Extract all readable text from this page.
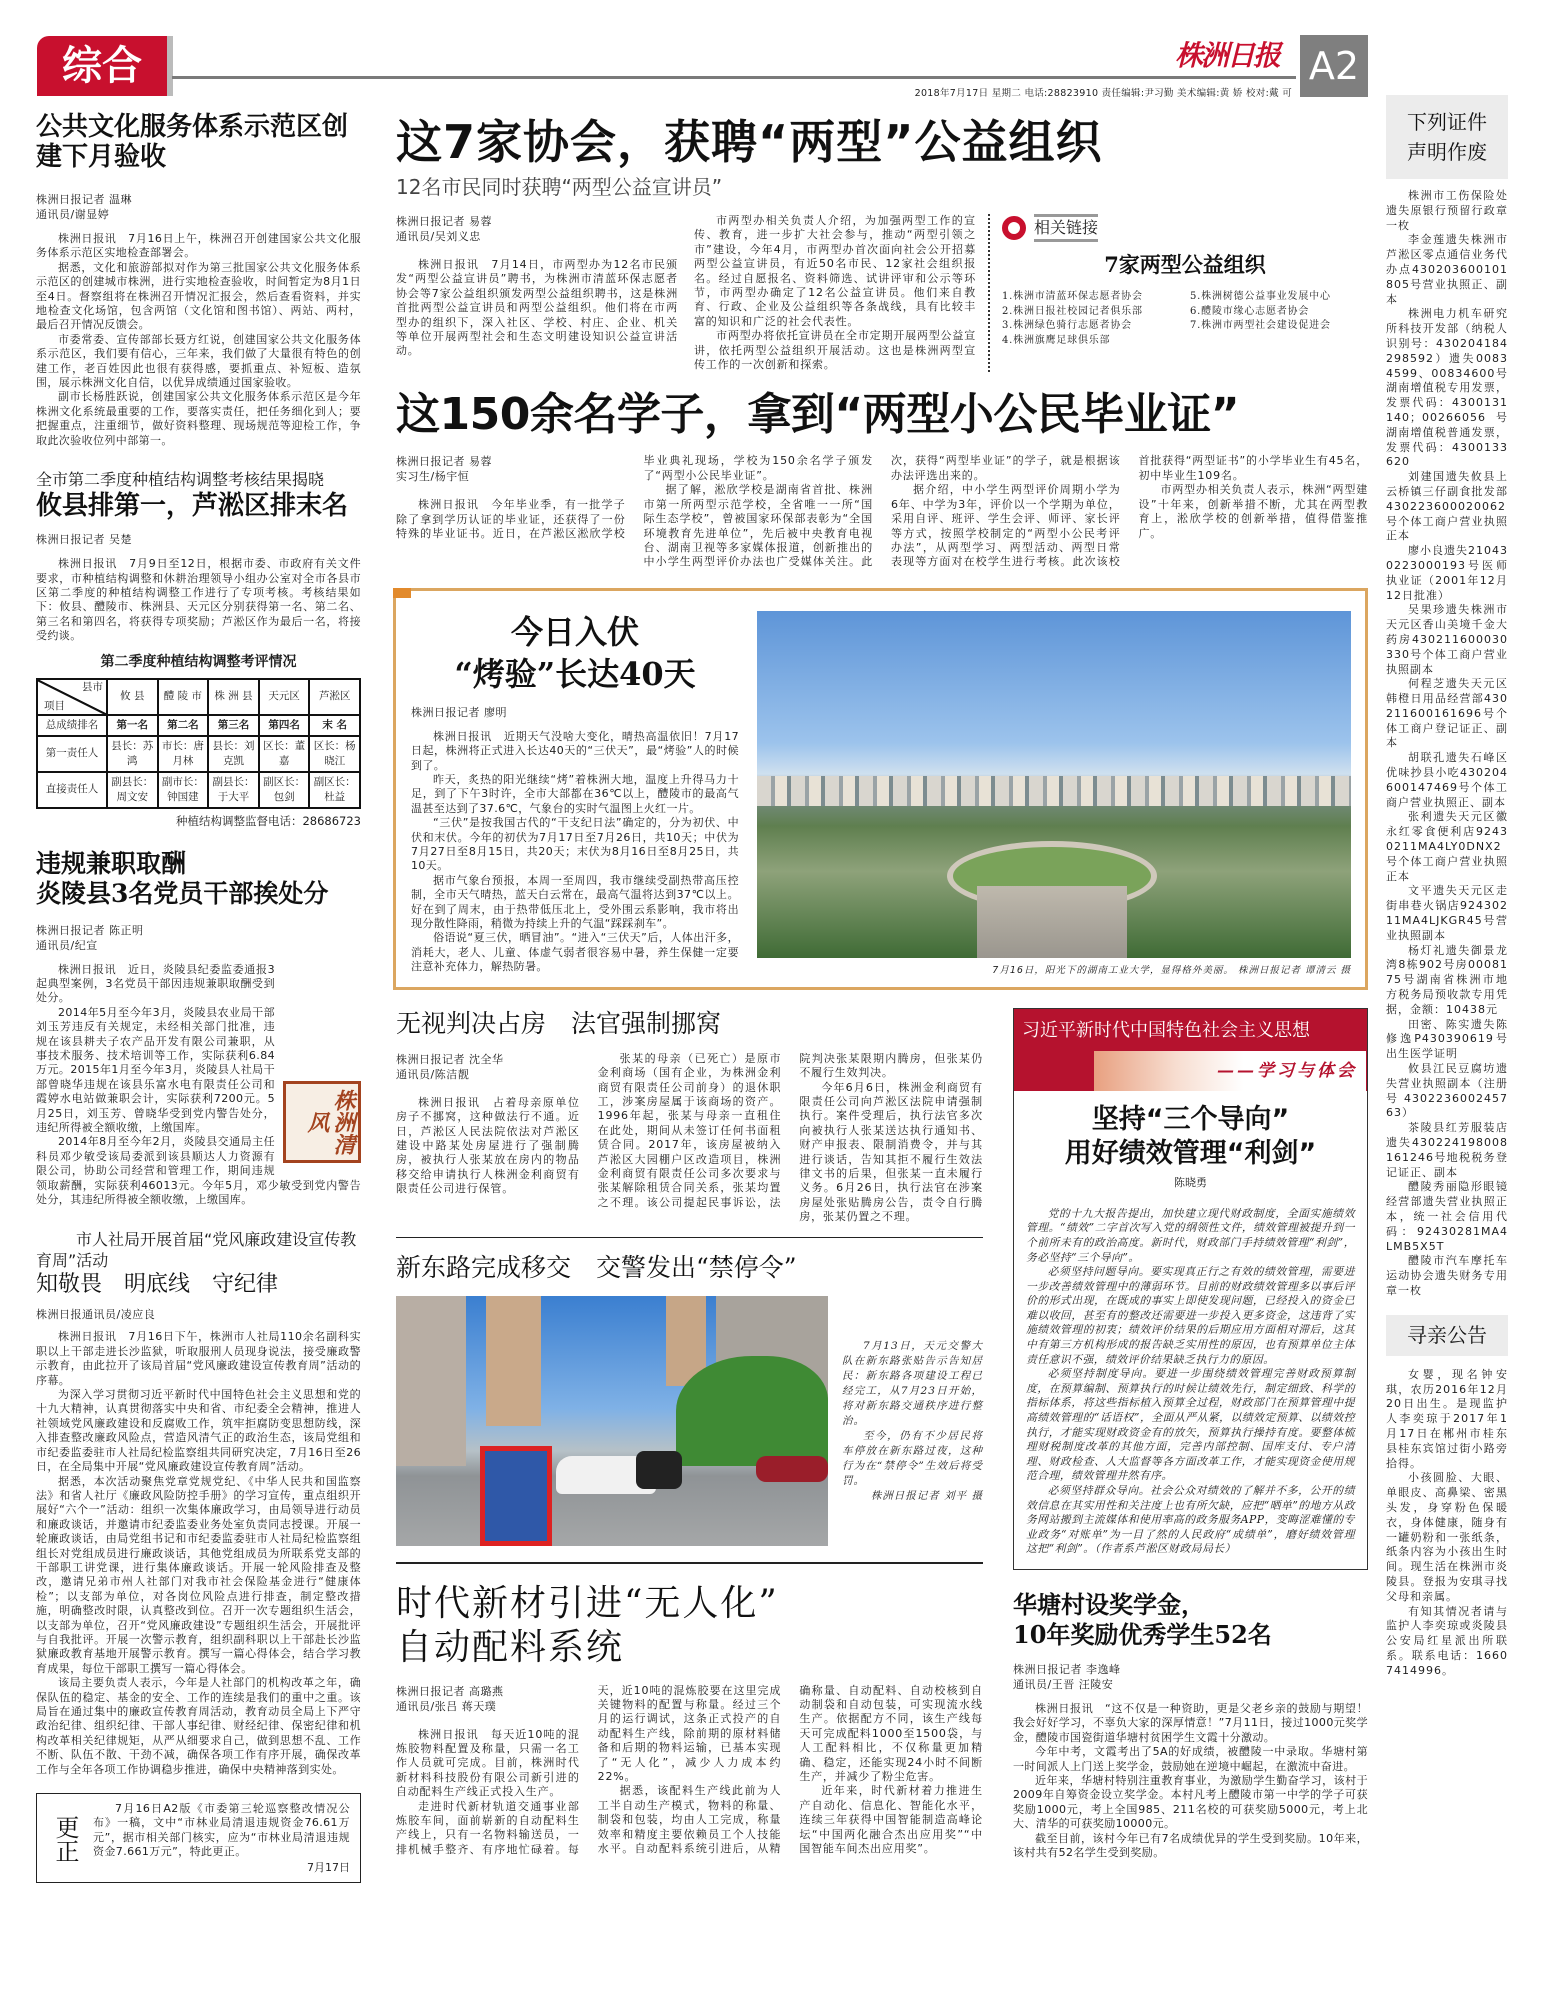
综合	株洲日报 A2
2018年7月17日 星期二 电话:28823910 责任编辑:尹习勤 美术编辑:黄 娇 校对:戴 可
公共文化服务体系示范区创建下月验收
株洲日报记者 温琳
通讯员/谢显婷

株洲日报讯　7月16日上午，株洲召开创建国家公共文化服务体系示范区实地检查部署会。

据悉，文化和旅游部拟对作为第三批国家公共文化服务体系示范区的创建城市株洲，进行实地检查验收，时间暂定为8月1日至4日。督察组将在株洲召开情况汇报会，然后查看资料，并实地检查文化场馆，包含两馆（文化馆和图书馆）、两站、两村，最后召开情况反馈会。

市委常委、宣传部部长聂方红说，创建国家公共文化服务体系示范区，我们要有信心，三年来，我们做了大量很有特色的创建工作，老百姓因此也很有获得感，要抓重点、补短板、造氛围，展示株洲文化自信，以优异成绩通过国家验收。

副市长杨胜跃说，创建国家公共文化服务体系示范区是今年株洲文化系统最重要的工作，要落实责任，把任务细化到人；要把握重点，注重细节，做好资料整理、现场规范等迎检工作，争取此次验收位列中部第一。

全市第二季度种植结构调整考核结果揭晓
攸县排第一，芦淞区排末名
株洲日报记者 吴楚

株洲日报讯　7月9日至12日，根据市委、市政府有关文件要求，市种植结构调整和休耕治理领导小组办公室对全市各县市区第二季度的种植结构调整工作进行了专项考核。考核结果如下：攸县、醴陵市、株洲县、天元区分别获得第一名、第二名、第三名和第四名，将获得专项奖励；芦淞区作为最后一名，将接受约谈。

第二季度种植结构调整考评情况
县市
项目	攸 县	醴 陵 市	株 洲 县	天元区	芦淞区
总成绩排名	第一名	第二名	第三名	第四名	末 名
第一责任人	县长：苏鸿	市长：唐月林	县长：刘克凯	区长：董嘉	区长：杨晓江
直接责任人	副县长：周文安	副市长：钟国建	副县长：于大平	副区长：包剑	副区长：杜益
种植结构调整监督电话：28686723
违规兼职取酬
炎陵县3名党员干部挨处分
株洲日报记者 陈正明
通讯员/纪宣
株洲清风

株洲日报讯　近日，炎陵县纪委监委通报3起典型案例，3名党员干部因违规兼职取酬受到处分。

2014年5月至今年3月，炎陵县农业局干部刘玉芳违反有关规定，未经相关部门批准，违规在该县耕夫子农产品开发有限公司兼职，从事技术服务、技术培训等工作，实际获利6.84万元。2015年1月至今年3月，炎陵县人社局干部曾晓华违规在该县乐富水电有限责任公司和霞婷水电站做兼职会计，实际获利7200元。5月25日，刘玉芳、曾晓华受到党内警告处分，违纪所得被全额收缴，上缴国库。

2014年8月至今年2月，炎陵县交通局主任科员邓少敏受该局委派到该县顺达人力资源有限公司，协助公司经营和管理工作，期间违规领取薪酬，实际获利46013元。今年5月，邓少敏受到党内警告处分，其违纪所得被全额收缴，上缴国库。

市人社局开展首届“党风廉政建设宣传教育周”活动
知敬畏　明底线　守纪律
株洲日报通讯员/凌应良

株洲日报讯　7月16日下午，株洲市人社局110余名副科实职以上干部走进长沙监狱，听取服刑人员现身说法，接受廉政警示教育，由此拉开了该局首届“党风廉政建设宣传教育周”活动的序幕。

为深入学习贯彻习近平新时代中国特色社会主义思想和党的十九大精神，认真贯彻落实中央和省、市纪委全会精神，推进人社领域党风廉政建设和反腐败工作，筑牢拒腐防变思想防线，深入排查整改廉政风险点，营造风清气正的政治生态，该局党组和市纪委监委驻市人社局纪检监察组共同研究决定，7月16日至26日，在全局集中开展“党风廉政建设宣传教育周”活动。

据悉，本次活动聚焦党章党规党纪、《中华人民共和国监察法》和省人社厅《廉政风险防控手册》的学习宣传，重点组织开展好“六个一”活动：组织一次集体廉政学习，由局领导进行动员和廉政谈话，并邀请市纪委监委业务处室负责同志授课。开展一轮廉政谈话，由局党组书记和市纪委监委驻市人社局纪检监察组组长对党组成员进行廉政谈话，其他党组成员为所联系党支部的干部职工讲党课，进行集体廉政谈话。开展一轮风险排查及整改，邀请兄弟市州人社部门对我市社会保险基金进行“健康体检”；以支部为单位，对各岗位风险点进行排查，制定整改措施，明确整改时限，认真整改到位。召开一次专题组织生活会，以支部为单位，召开“党风廉政建设”专题组织生活会，开展批评与自我批评。开展一次警示教育，组织副科职以上干部赴长沙监狱廉政教育基地开展警示教育。撰写一篇心得体会，结合学习教育成果，每位干部职工撰写一篇心得体会。

该局主要负责人表示，今年是人社部门的机构改革之年，确保队伍的稳定、基金的安全、工作的连续是我们的重中之重。该局旨在通过集中的廉政宣传教育周活动，教育动员全局上下严守政治纪律、组织纪律、干部人事纪律、财经纪律、保密纪律和机构改革相关纪律规矩，从严从细要求自己，做到思想不乱、工作不断、队伍不散、干劲不减，确保各项工作有序开展，确保改革工作与全年各项工作协调稳步推进，确保中央精神落到实处。

更正
7月16日A2版《市委第三轮巡察整改情况公布》一稿，文中“市林业局清退违规资金76.61万元”，据市相关部门核实，应为“市林业局清退违规资金7.661万元”，特此更正。
7月17日
这7家协会，获聘“两型”公益组织
12名市民同时获聘“两型公益宣讲员”
株洲日报记者 易蓉
通讯员/吴刘义忠

株洲日报讯　7月14日，市两型办为12名市民颁发“两型公益宣讲员”聘书，为株洲市清蓝环保志愿者协会等7家公益组织颁发两型公益组织聘书，这是株洲首批两型公益宣讲员和两型公益组织。他们将在市两型办的组织下，深入社区、学校、村庄、企业、机关等单位开展两型社会和生态文明建设知识公益宣讲活动。

市两型办相关负责人介绍，为加强两型工作的宣传、教育，进一步扩大社会参与，推动“两型引领之市”建设，今年4月，市两型办首次面向社会公开招募两型公益宣讲员，有近50名市民、12家社会组织报名。经过自愿报名、资料筛选、试讲评审和公示等环节，市两型办确定了12名公益宣讲员。他们来自教育、行政、企业及公益组织等各条战线，具有比较丰富的知识和广泛的社会代表性。

市两型办将依托宣讲员在全市定期开展两型公益宣讲，依托两型公益组织开展活动。这也是株洲两型宣传工作的一次创新和探索。

相关链接
7家两型公益组织
1.株洲市清蓝环保志愿者协会
2.株洲日报社校园记者俱乐部
3.株洲绿色骑行志愿者协会
4.株洲旗鹰足球俱乐部
5.株洲树德公益事业发展中心
6.醴陵市缘心志愿者协会
7.株洲市两型社会建设促进会
这150余名学子，拿到“两型小公民毕业证”
株洲日报记者 易蓉
实习生/杨宇恒

株洲日报讯　今年毕业季，有一批学子除了拿到学历认证的毕业证，还获得了一份特殊的毕业证书。近日，在芦淞区淞欣学校毕业典礼现场，学校为150余名学子颁发了“两型小公民毕业证”。

据了解，淞欣学校是湖南省首批、株洲市第一所两型示范学校，全省唯一一所“国际生态学校”，曾被国家环保部表彰为“全国环境教育先进单位”，先后被中央教育电视台、湖南卫视等多家媒体报道，创新推出的中小学生两型评价办法也广受媒体关注。此次，获得“两型毕业证”的学子，就是根据该办法评选出来的。

据介绍，中小学生两型评价周期小学为6年、中学为3年，评价以一个学期为单位，采用自评、班评、学生会评、师评、家长评等方式，按照学校制定的“两型小公民考评办法”，从两型学习、两型活动、两型日常表现等方面对在校学生进行考核。此次该校首批获得“两型证书”的小学毕业生有45名，初中毕业生109名。

市两型办相关负责人表示，株洲“两型建设”十年来，创新举措不断，尤其在两型教育上，淞欣学校的创新举措，值得借鉴推广。

今日入伏
“烤验”长达40天
株洲日报记者 廖明

株洲日报讯　近期天气没啥大变化，晴热高温依旧！7月17日起，株洲将正式进入长达40天的“三伏天”，最“烤验”人的时候到了。

昨天，炙热的阳光继续“烤”着株洲大地，温度上升得马力十足，到了下午3时许，全市大部都在36℃以上，醴陵市的最高气温甚至达到了37.6℃，气象台的实时气温图上火红一片。

“三伏”是按我国古代的“干支纪日法”确定的，分为初伏、中伏和末伏。今年的初伏为7月17日至7月26日，共10天；中伏为7月27日至8月15日，共20天；末伏为8月16日至8月25日，共10天。

据市气象台预报，本周一至周四，我市继续受副热带高压控制，全市天气晴热，蓝天白云常在，最高气温将达到37℃以上。好在到了周末，由于热带低压北上，受外围云系影响，我市将出现分散性降雨，稍微为持续上升的气温“踩踩刹车”。

俗语说“夏三伏，晒冒油”。“进入“三伏天”后，人体出汗多，消耗大，老人、儿童、体虚气弱者很容易中暑，养生保健一定要注意补充体力，解热防暑。	7月16日，阳光下的湖南工业大学，显得格外美丽。 株洲日报记者 谭清云 摄
无视判决占房　法官强制挪窝
株洲日报记者 沈全华
通讯员/陈洁靓

株洲日报讯　占着母亲原单位房子不挪窝，这种做法行不通。近日，芦淞区人民法院依法对芦淞区建设中路某处房屋进行了强制腾房，被执行人张某放在房内的物品移交给申请执行人株洲金利商贸有限责任公司进行保管。

张某的母亲（已死亡）是原市金利商场（国有企业，为株洲金利商贸有限责任公司前身）的退休职工，涉案房屋属于该商场的资产。1996年起，张某与母亲一直租住在此处，期间从未签订任何书面租赁合同。2017年，该房屋被纳入芦淞区大园棚户区改造项目，株洲金利商贸有限责任公司多次要求与张某解除租赁合同关系，张某均置之不理。该公司提起民事诉讼，法院判决张某限期内腾房，但张某仍不履行生效判决。

今年6月6日，株洲金利商贸有限责任公司向芦淞区法院申请强制执行。案件受理后，执行法官多次向被执行人张某送达执行通知书、财产申报表、限制消费令，并与其进行谈话，告知其拒不履行生效法律文书的后果，但张某一直未履行义务。6月26日，执行法官在涉案房屋处张贴腾房公告，责令自行腾房，张某仍置之不理。

新东路完成移交　交警发出“禁停令”
7月13日，天元交警大队在新东路张贴告示告知居民：新东路各项建设工程已经完工，从7月23日开始，将对新东路交通秩序进行整治。
至今，仍有不少居民将车停放在新东路过夜，这种行为在“禁停令”生效后将受罚。
株洲日报记者 刘平 摄
时代新材引进“无人化”
自动配料系统
株洲日报记者 高璐燕
通讯员/张吕 蒋天璞

株洲日报讯　每天近10吨的混炼胶物料配置及称量，只需一名工作人员就可完成。目前，株洲时代新材料科技股份有限公司新引进的自动配料生产线正式投入生产。

走进时代新材轨道交通事业部炼胶车间，面前崭新的自动配料生产线上，只有一名物料输送员，一排机械手整齐、有序地忙碌着。每天，近10吨的混炼胶要在这里完成关键物料的配置与称量。经过三个月的运行调试，这条正式投产的自动配料生产线，除前期的原材料储备和后期的物料运输，已基本实现了“无人化”，减少人力成本约22%。

据悉，该配料生产线此前为人工半自动生产模式，物料的称量、制袋和包装，均由人工完成，称量效率和精度主要依赖员工个人技能水平。自动配料系统引进后，从精确称量、自动配料、自动校核到自动制袋和自动包装，可实现流水线生产。依据配方不同，该生产线每天可完成配料1000至1500袋，与人工配料相比，不仅称量更加精确、稳定，还能实现24小时不间断生产，并减少了粉尘危害。

近年来，时代新材着力推进生产自动化、信息化、智能化水平，连续三年获得中国智能制造高峰论坛“中国两化融合杰出应用奖”“中国智能车间杰出应用奖”。

习近平新时代中国特色社会主义思想
——学习与体会
坚持“三个导向”
用好绩效管理“利剑”
陈晓勇

党的十九大报告提出，加快建立现代财政制度，全面实施绩效管理。“绩效”二字首次写入党的纲领性文件，绩效管理被提升到一个前所未有的政治高度。新时代，财政部门手持绩效管理“利剑”，务必坚持“三个导向”。

必须坚持问题导向。要实现真正行之有效的绩效管理，需要进一步改善绩效管理中的薄弱环节。目前的财政绩效管理多以事后评价的形式出现，在既成的事实上即使发现问题，已经投入的资金已难以收回，甚至有的整改还需要进一步投入更多资金，这违背了实施绩效管理的初衷；绩效评价结果的后期应用方面相对滞后，这其中有第三方机构形成的报告缺乏实用性的原因，也有预算单位主体责任意识不强，绩效评价结果缺乏执行力的原因。

必须坚持制度导向。要进一步围绕绩效管理完善财政预算制度，在预算编制、预算执行的时候让绩效先行，制定细致、科学的指标体系，将这些指标植入预算全过程，财政部门在预算管理中提高绩效管理的“话语权”，全面从严从紧，以绩效定预算、以绩效控执行，才能实现财政资金有的放矢，预算执行操持有度。要整体梳理财税制度改革的其他方面，完善内部控制、国库支付、专户清理、财政检查、人大监督等各方面改革工作，才能实现资金使用规范合理，绩效管理井然有序。

必须坚持群众导向。社会公众对绩效的了解并不多，公开的绩效信息在其实用性和关注度上也有所欠缺，应把“晒单”的地方从政务网站搬到主流媒体和使用率高的政务服务APP，变晦涩难懂的专业政务“对账单”为一目了然的人民政府“成绩单”，磨好绩效管理这把“利剑”。（作者系芦淞区财政局局长）

华塘村设奖学金，
10年奖励优秀学生52名
株洲日报记者 李逸峰
通讯员/王晋 汪陵安

株洲日报讯　“这不仅是一种资助，更是父老乡亲的鼓励与期望！我会好好学习，不辜负大家的深厚情意！”7月11日，接过1000元奖学金，醴陵市国瓷街道华塘村贫困学生文霞十分激动。

今年中考，文霞考出了5A的好成绩，被醴陵一中录取。华塘村第一时间派人上门送上奖学金，鼓励她在逆境中崛起，在激流中奋进。

近年来，华塘村特别注重教育事业，为激励学生勤奋学习，该村于2009年自筹资金设立奖学金。本村凡考上醴陵市第一中学的学子可获奖励1000元，考上全国985、211名校的可获奖励5000元，考上北大、清华的可获奖励10000元。

截至目前，该村今年已有7名成绩优异的学生受到奖励。10年来，该村共有52名学生受到奖励。

下列证件声明作废

株洲市工伤保险处遗失原银行预留行政章一枚

李金莲遗失株洲市芦淞区零点通信业务代办点430203600101805号营业执照正、副本

株洲电力机车研究所科技开发部（纳税人识别号：430204184298592）遗失00834599、00834600号湖南增值税专用发票，发票代码：4300131140；00266056号湖南增值税普通发票，发票代码：4300133620

刘建国遗失攸县上云桥镇三仔副食批发部430223600020062号个体工商户营业执照正本

廖小良遗失210430223000193号医师执业证（2001年12月12日批准）

吴果珍遗失株洲市天元区香山美境千金大药房430211600030330号个体工商户营业执照副本

何程芝遗失天元区韩橙日用品经营部430211600161696号个体工商户登记证正、副本

胡联孔遗失石峰区优味抄县小吃430204600147469号个体工商户营业执照正、副本

张利遗失天元区徽永红零食便利店92430211MA4LY0DNX2号个体工商户营业执照正本

文平遗失天元区走街串巷火锅店92430211MA4LJKGR45号营业执照副本

杨灯礼遗失御景龙湾8栋902号房0008175号湖南省株洲市地方税务局预收款专用凭据，金额：10438元

田密、陈实遗失陈修逸P430390619号出生医学证明

攸县江民豆腐坊遗失营业执照副本（注册号430223600245763）

茶陵县红芳服装店遗失430224198008161246号地税税务登记证正、副本

醴陵秀丽隐形眼镜经营部遗失营业执照正本，统一社会信用代码：92430281MA4LMB5X5T

醴陵市汽车摩托车运动协会遗失财务专用章一枚

寻亲公告

女婴，现名钟安琪，农历2016年12月20日出生。是现监护人李奕琼于2017年1月17日在郴州市桂东县桂东宾馆过街小路旁拾得。

小孩圆脸、大眼、单眼皮、高鼻梁、密黑头发，身穿粉色保暖衣，身体健康，随身有一罐奶粉和一张纸条，纸条内容为小孩出生时间。现生活在株洲市炎陵县。登报为安琪寻找父母和亲属。

有知其情况者请与监护人李奕琼或炎陵县公安局红星派出所联系。联系电话：16607414996。
